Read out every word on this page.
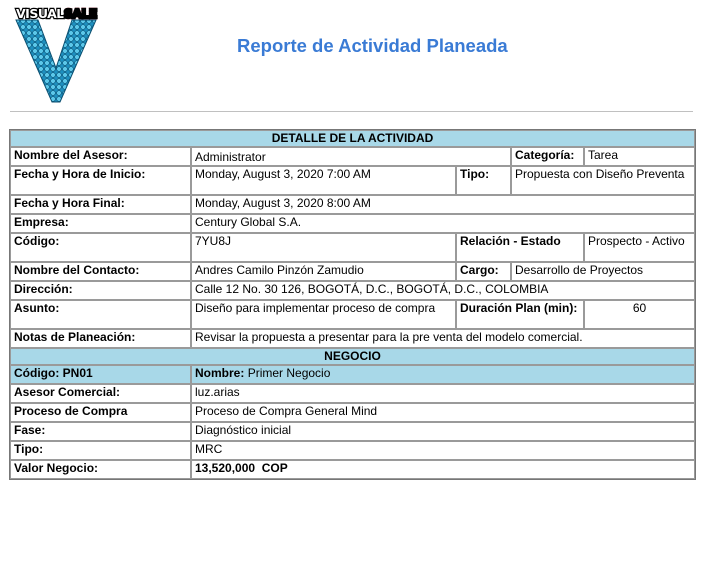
VISUALSALE
Reporte de Actividad Planeada
DETALLE DE LA ACTIVIDAD				
Nombre del Asesor:	Administrator		Categoría:	Tarea
Fecha y Hora de Inicio:	Monday, August 3, 2020 7:00 AM	Tipo:	Propuesta con Diseño Preventa	
Fecha y Hora Final:	Monday, August 3, 2020 8:00 AM			
Empresa:	Century Global S.A.			
Código:	7YU8J	Relación - Estado		Prospecto - Activo
Nombre del Contacto:	Andres Camilo Pinzón Zamudio	Cargo:	Desarrollo de Proyectos	
Dirección:	Calle 12 No. 30 126, BOGOTÁ, D.C., BOGOTÁ, D.C., COLOMBIA			
Asunto:	Diseño para implementar proceso de compra	Duración Plan (min):		60
Notas de Planeación:	Revisar la propuesta a presentar para la pre venta del modelo comercial.			
NEGOCIO				
Código: PN01	Nombre: Primer Negocio			
Asesor Comercial:	luz.arias			
Proceso de Compra	Proceso de Compra General Mind			
Fase:	Diagnóstico inicial			
Tipo:	MRC			
Valor Negocio:	13,520,000  COP			
